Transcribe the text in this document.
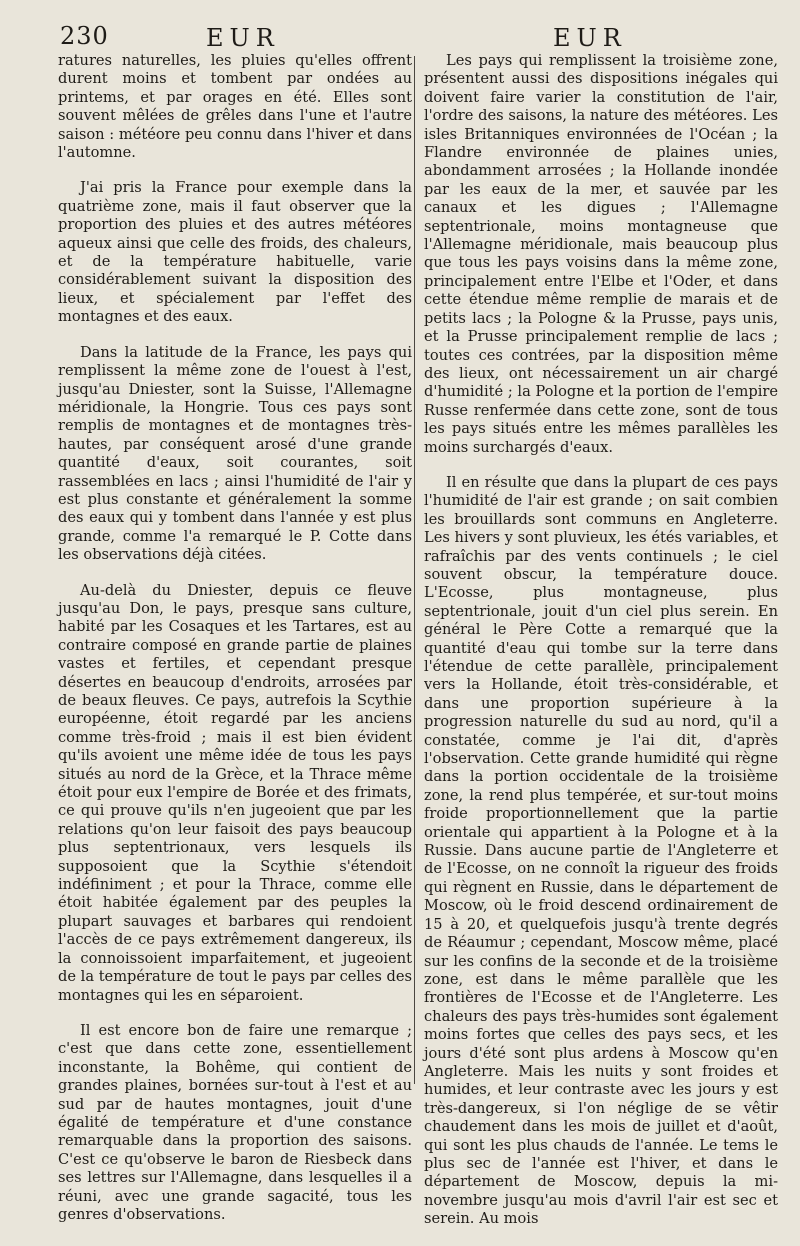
230	EUR	EUR

ratures naturelles, les pluies qu'elles offrent durent moins et tombent par ondées au printems, et par orages en été. Elles sont souvent mêlées de grêles dans l'une et l'autre saison : météore peu connu dans l'hiver et dans l'automne.

J'ai pris la France pour exemple dans la quatrième zone, mais il faut observer que la proportion des pluies et des autres météores aqueux ainsi que celle des froids, des chaleurs, et de la température habituelle, varie considérablement suivant la disposition des lieux, et spécialement par l'effet des montagnes et des eaux.

Dans la latitude de la France, les pays qui remplissent la même zone de l'ouest à l'est, jusqu'au Dniester, sont la Suisse, l'Allemagne méridionale, la Hongrie. Tous ces pays sont remplis de montagnes et de montagnes très-hautes, par conséquent arosé d'une grande quantité d'eaux, soit courantes, soit rassemblées en lacs ; ainsi l'humidité de l'air y est plus constante et généralement la somme des eaux qui y tombent dans l'année y est plus grande, comme l'a remarqué le P. Cotte dans les observations déjà citées.

Au-delà du Dniester, depuis ce fleuve jusqu'au Don, le pays, presque sans culture, habité par les Cosaques et les Tartares, est au contraire composé en grande partie de plaines vastes et fertiles, et cependant presque désertes en beaucoup d'endroits, arrosées par de beaux fleuves. Ce pays, autrefois la Scythie européenne, étoit regardé par les anciens comme très-froid ; mais il est bien évident qu'ils avoient une même idée de tous les pays situés au nord de la Grèce, et la Thrace même étoit pour eux l'empire de Borée et des frimats, ce qui prouve qu'ils n'en jugeoient que par les relations qu'on leur faisoit des pays beaucoup plus septentrionaux, vers lesquels ils supposoient que la Scythie s'étendoit indéfiniment ; et pour la Thrace, comme elle étoit habitée également par des peuples la plupart sauvages et barbares qui rendoient l'accès de ce pays extrêmement dangereux, ils la connoissoient imparfaitement, et jugeoient de la température de tout le pays par celles des montagnes qui les en séparoient.

Il est encore bon de faire une remarque ; c'est que dans cette zone, essentiellement inconstante, la Bohême, qui contient de grandes plaines, bornées sur-tout à l'est et au sud par de hautes montagnes, jouit d'une égalité de température et d'une constance remarquable dans la proportion des saisons. C'est ce qu'observe le baron de Riesbeck dans ses lettres sur l'Allemagne, dans lesquelles il a réuni, avec une grande sagacité, tous les genres d'observations.

Les pays qui remplissent la troisième zone, présentent aussi des dispositions inégales qui doivent faire varier la constitution de l'air, l'ordre des saisons, la nature des météores. Les isles Britanniques environnées de l'Océan ; la Flandre environnée de plaines unies, abondamment arrosées ; la Hollande inondée par les eaux de la mer, et sauvée par les canaux et les digues ; l'Allemagne septentrionale, moins montagneuse que l'Allemagne méridionale, mais beaucoup plus que tous les pays voisins dans la même zone, principalement entre l'Elbe et l'Oder, et dans cette étendue même remplie de marais et de petits lacs ; la Pologne & la Prusse, pays unis, et la Prusse principalement remplie de lacs ; toutes ces contrées, par la disposition même des lieux, ont nécessairement un air chargé d'humidité ; la Pologne et la portion de l'empire Russe renfermée dans cette zone, sont de tous les pays situés entre les mêmes parallèles les moins surchargés d'eaux.

Il en résulte que dans la plupart de ces pays l'humidité de l'air est grande ; on sait combien les brouillards sont communs en Angleterre. Les hivers y sont pluvieux, les étés variables, et rafraîchis par des vents continuels ; le ciel souvent obscur, la température douce. L'Ecosse, plus montagneuse, plus septentrionale, jouit d'un ciel plus serein. En général le Père Cotte a remarqué que la quantité d'eau qui tombe sur la terre dans l'étendue de cette parallèle, principalement vers la Hollande, étoit très-considérable, et dans une proportion supérieure à la progression naturelle du sud au nord, qu'il a constatée, comme je l'ai dit, d'après l'observation. Cette grande humidité qui règne dans la portion occidentale de la troisième zone, la rend plus tempérée, et sur-tout moins froide proportionnellement que la partie orientale qui appartient à la Pologne et à la Russie. Dans aucune partie de l'Angleterre et de l'Ecosse, on ne connoît la rigueur des froids qui règnent en Russie, dans le département de Moscow, où le froid descend ordinairement de 15 à 20, et quelquefois jusqu'à trente degrés de Réaumur ; cependant, Moscow même, placé sur les confins de la seconde et de la troisième zone, est dans le même parallèle que les frontières de l'Ecosse et de l'Angleterre. Les chaleurs des pays très-humides sont également moins fortes que celles des pays secs, et les jours d'été sont plus ardens à Moscow qu'en Angleterre. Mais les nuits y sont froides et humides, et leur contraste avec les jours y est très-dangereux, si l'on néglige de se vêtir chaudement dans les mois de juillet et d'août, qui sont les plus chauds de l'année. Le tems le plus sec de l'année est l'hiver, et dans le département de Moscow, depuis la mi-novembre jusqu'au mois d'avril l'air est sec et serein. Au mois
